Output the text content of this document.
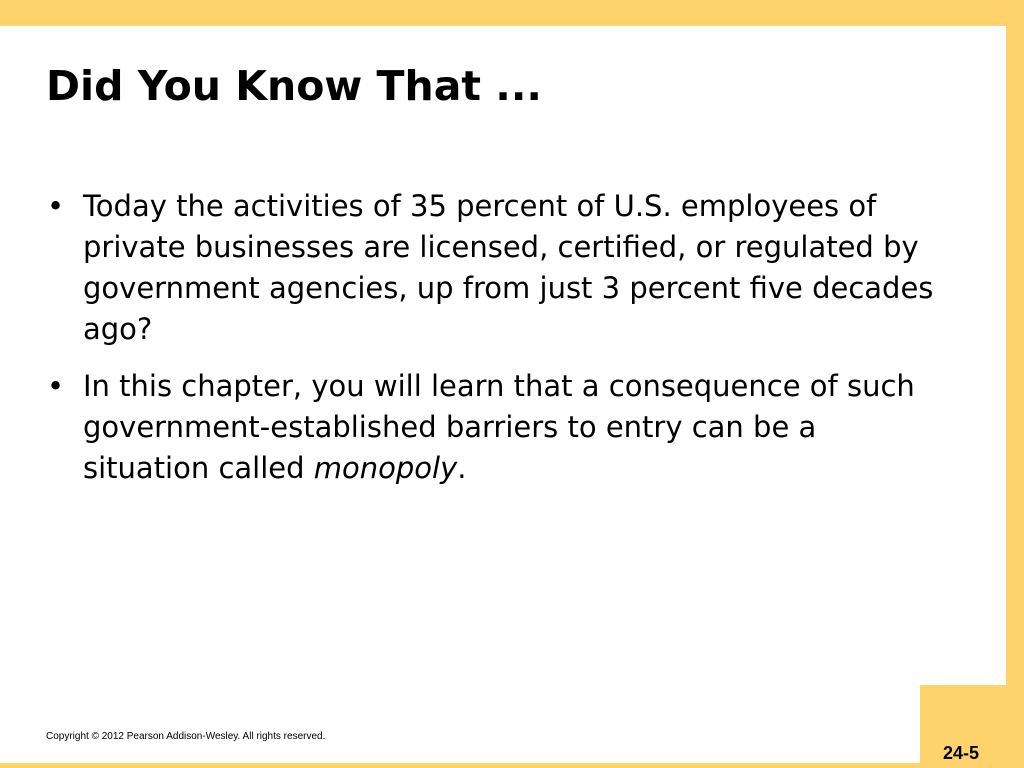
Did You Know That ...
• Today the activities of 35 percent of U.S. employees of private businesses are licensed, certified, or regulated by government agencies, up from just 3 percent five decades ago?
• In this chapter, you will learn that a consequence of such government-established barriers to entry can be a situation called monopoly.
Copyright © 2012 Pearson Addison-Wesley. All rights reserved.
24-5
